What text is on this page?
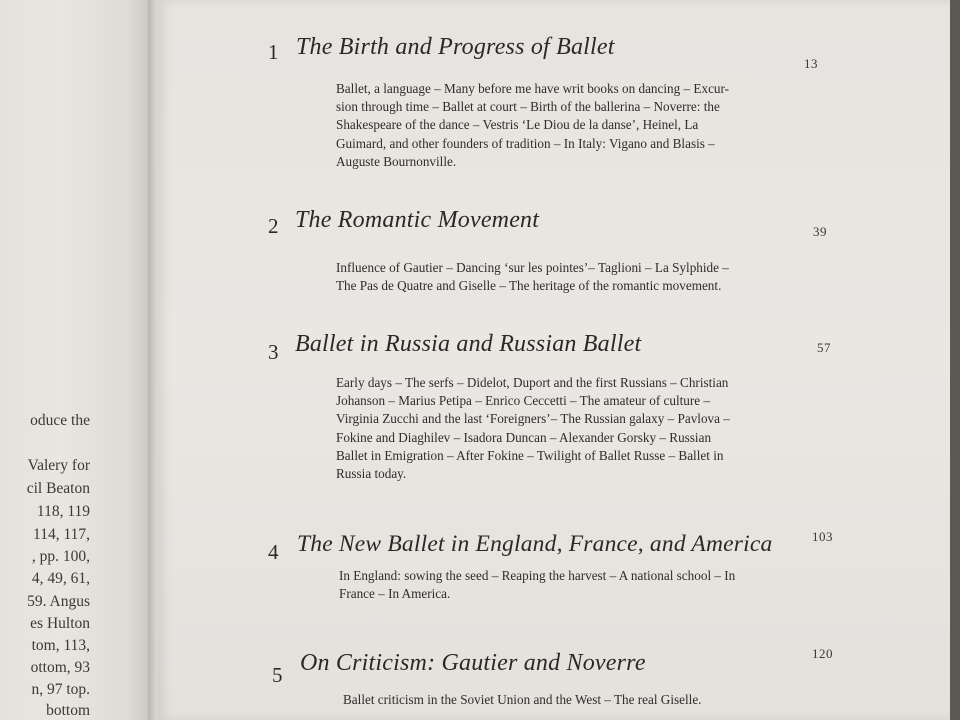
oduce the
Valery for
cil Beaton
118, 119
114, 117,
, pp. 100,
4, 49, 61,
59. Angus
es Hulton
tom, 113,
ottom, 93
n, 97 top.
bottom
1 The Birth and Progress of Ballet
13
Ballet, a language – Many before me have writ books on dancing – Excur-
sion through time – Ballet at court – Birth of the ballerina – Noverre: the
Shakespeare of the dance – Vestris ‘Le Diou de la danse’, Heinel, La
Guimard, and other founders of tradition – In Italy: Vigano and Blasis –
Auguste Bournonville.
2 The Romantic Movement	39
Influence of Gautier – Dancing ‘sur les pointes’– Taglioni – La Sylphide –
The Pas de Quatre and Giselle – The heritage of the romantic movement.
3 Ballet in Russia and Russian Ballet	57
Early days – The serfs – Didelot, Duport and the first Russians – Christian
Johanson – Marius Petipa – Enrico Ceccetti – The amateur of culture –
Virginia Zucchi and the last ‘Foreigners’– The Russian galaxy – Pavlova –
Fokine and Diaghilev – Isadora Duncan – Alexander Gorsky – Russian
Ballet in Emigration – After Fokine – Twilight of Ballet Russe – Ballet in
Russia today.
4 The New Ballet in England, France, and America	103
In England: sowing the seed – Reaping the harvest – A national school – In
France – In America.
5 On Criticism: Gautier and Noverre	120
Ballet criticism in the Soviet Union and the West – The real Giselle.
